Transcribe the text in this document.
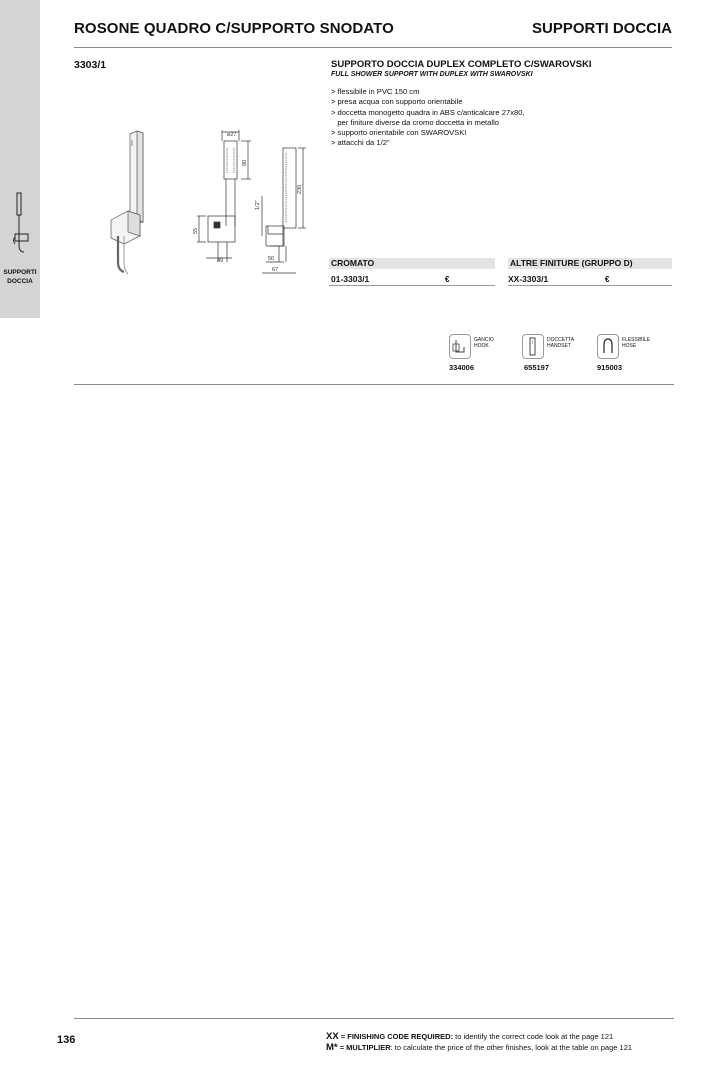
SUPPORTI
DOCCIA
ROSONE QUADRO C/SUPPORTO SNODATO	SUPPORTI DOCCIA
3303/1	SUPPORTO DOCCIA DUPLEX COMPLETO C/SWAROVSKI
FULL SHOWER SUPPORT WITH DUPLEX WITH SWAROVSKI
> flessibile in PVC 150 cm
> presa acqua con supporto orientabile
> doccetta monogetto quadra in ABS c/anticalcare 27x80,
per finiture diverse da cromo doccetta in metallo
> supporto orientabile con SWAROVSKI
> attacchi da 1/2"
⌀27
80
230
1/2"
55
49	50
67
CROMATO	ALTRE FINITURE (GRUPPO D)
01-3303/1	€	XX-3303/1	€
GANCIO
HOOK
334006
DOCCETTA
HANDSET
655197
FLESSIBILE
HOSE
915003
136	XX = FINISHING CODE REQUIRED: to identify the correct code look at the page 121
M* = MULTIPLIER: to calculate the price of the other finishes, look at the table on page 121
